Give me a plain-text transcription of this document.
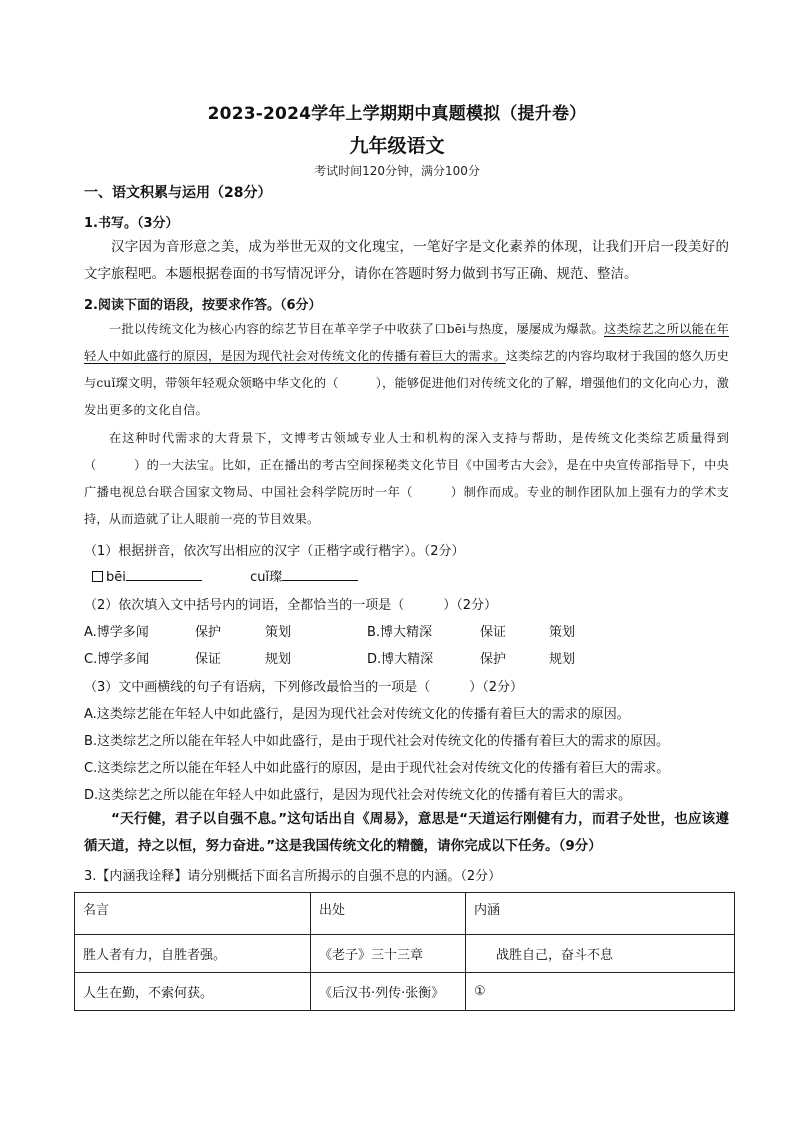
2023-2024学年上学期期中真题模拟（提升卷）
九年级语文
考试时间120分钟，满分100分
一、语文积累与运用（28分）
1.书写。（3分）
汉字因为音形意之美，成为举世无双的文化瑰宝，一笔好字是文化素养的体现，让我们开启一段美好的文字旅程吧。本题根据卷面的书写情况评分，请你在答题时努力做到书写正确、规范、整洁。
2.阅读下面的语段，按要求作答。（6分）
一批以传统文化为核心内容的综艺节目在革辛学子中收获了口bēi与热度，屡屡成为爆款。这类综艺之所以能在年轻人中如此盛行的原因，是因为现代社会对传统文化的传播有着巨大的需求。这类综艺的内容均取材于我国的悠久历史与cuǐ璨文明，带领年轻观众领略中华文化的（　　　），能够促进他们对传统文化的了解，增强他们的文化向心力，激发出更多的文化自信。
在这种时代需求的大背景下，文博考古领域专业人士和机构的深入支持与帮助，是传统文化类综艺质量得到（　　　）的一大法宝。比如，正在播出的考古空间探秘类文化节目《中国考古大会》，是在中央宣传部指导下，中央广播电视总台联合国家文物局、中国社会科学院历时一年（　　　）制作而成。专业的制作团队加上强有力的学术支持，从而造就了让人眼前一亮的节目效果。
（1）根据拼音，依次写出相应的汉字（正楷字或行楷字）。（2分）
bēi	cuǐ璨
（2）依次填入文中括号内的词语，全都恰当的一项是（　　　）（2分）
A.博学多闻	保护	策划	B.博大精深	保证	策划
C.博学多闻	保证	规划	D.博大精深	保护	规划
（3）文中画横线的句子有语病，下列修改最恰当的一项是（　　　）（2分）
A.这类综艺能在年轻人中如此盛行，是因为现代社会对传统文化的传播有着巨大的需求的原因。
B.这类综艺之所以能在年轻人中如此盛行，是由于现代社会对传统文化的传播有着巨大的需求的原因。
C.这类综艺之所以能在年轻人中如此盛行的原因，是由于现代社会对传统文化的传播有着巨大的需求。
D.这类综艺之所以能在年轻人中如此盛行，是因为现代社会对传统文化的传播有着巨大的需求。
“天行健，君子以自强不息。”这句话出自《周易》，意思是“天道运行刚健有力，而君子处世，也应该遵循天道，持之以恒，努力奋进。”这是我国传统文化的精髓，请你完成以下任务。（9分）
3.【内涵我诠释】请分别概括下面名言所揭示的自强不息的内涵。（2分）
名言	出处	内涵
胜人者有力，自胜者强。	《老子》三十三章	战胜自己，奋斗不息
人生在勤，不索何获。	《后汉书·列传·张衡》	①
